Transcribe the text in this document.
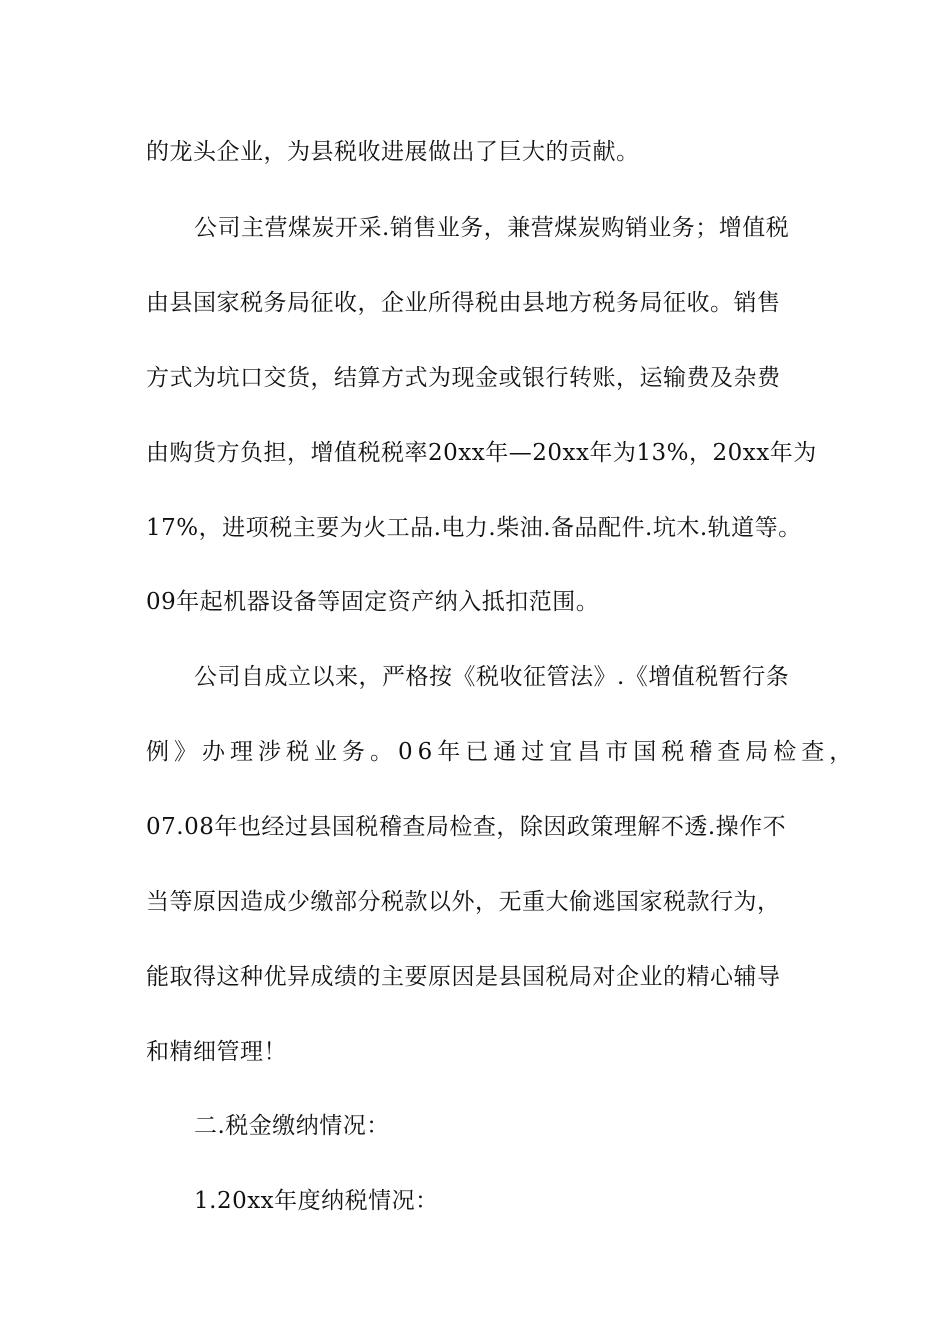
的龙头企业，为县税收进展做出了巨大的贡献。
公司主营煤炭开采.销售业务，兼营煤炭购销业务；增值税
由县国家税务局征收，企业所得税由县地方税务局征收。销售
方式为坑口交货，结算方式为现金或银行转账，运输费及杂费
由购货方负担，增值税税率20xx年—20xx年为13%，20xx年为
17%，进项税主要为火工品.电力.柴油.备品配件.坑木.轨道等。
09年起机器设备等固定资产纳入抵扣范围。
公司自成立以来，严格按《税收征管法》.《增值税暂行条
例》办理涉税业务。06年已通过宜昌市国税稽查局检查，
07.08年也经过县国税稽查局检查，除因政策理解不透.操作不
当等原因造成少缴部分税款以外，无重大偷逃国家税款行为，
能取得这种优异成绩的主要原因是县国税局对企业的精心辅导
和精细管理！
二.税金缴纳情况：
1.20xx年度纳税情况：
